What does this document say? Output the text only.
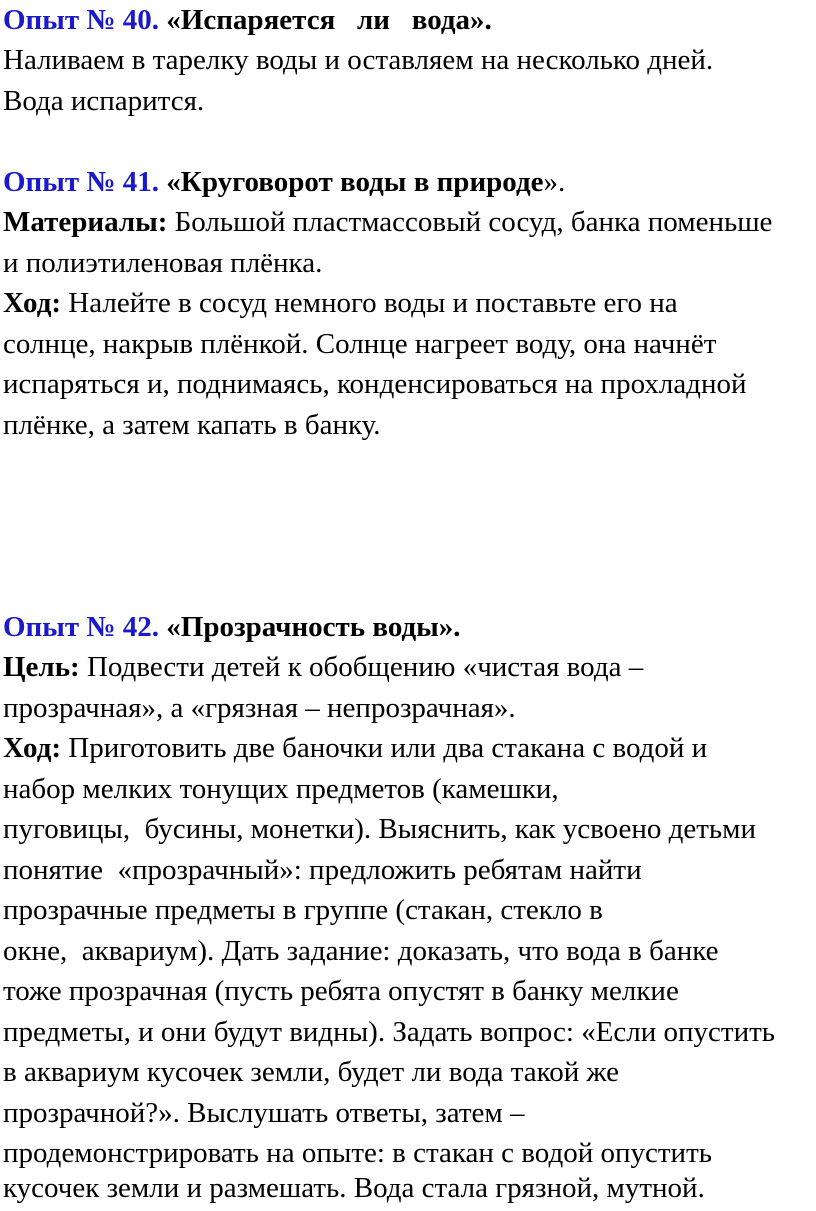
Опыт № 40. «Испаряется   ли   вода».
Наливаем в тарелку воды и оставляем на несколько дней.
Вода испарится.
Опыт № 41. «Круговорот воды в природе».
Материалы: Большой пластмассовый сосуд, банка поменьше
и полиэтиленовая плёнка.
Ход: Налейте в сосуд немного воды и поставьте его на
солнце, накрыв плёнкой. Солнце нагреет воду, она начнёт
испаряться и, поднимаясь, конденсироваться на прохладной
плёнке, а затем капать в банку.
Опыт № 42. «Прозрачность воды».
Цель: Подвести детей к обобщению «чистая вода –
прозрачная», а «грязная – непрозрачная».
Ход: Приготовить две баночки или два стакана с водой и
набор мелких тонущих предметов (камешки,
пуговицы,  бусины, монетки). Выяснить, как усвоено детьми
понятие  «прозрачный»: предложить ребятам найти
прозрачные предметы в группе (стакан, стекло в
окне,  аквариум). Дать задание: доказать, что вода в банке
тоже прозрачная (пусть ребята опустят в банку мелкие
предметы, и они будут видны). Задать вопрос: «Если опустить
в аквариум кусочек земли, будет ли вода такой же
прозрачной?». Выслушать ответы, затем –
продемонстрировать на опыте: в стакан с водой опустить
кусочек земли и размешать. Вода стала грязной, мутной.
